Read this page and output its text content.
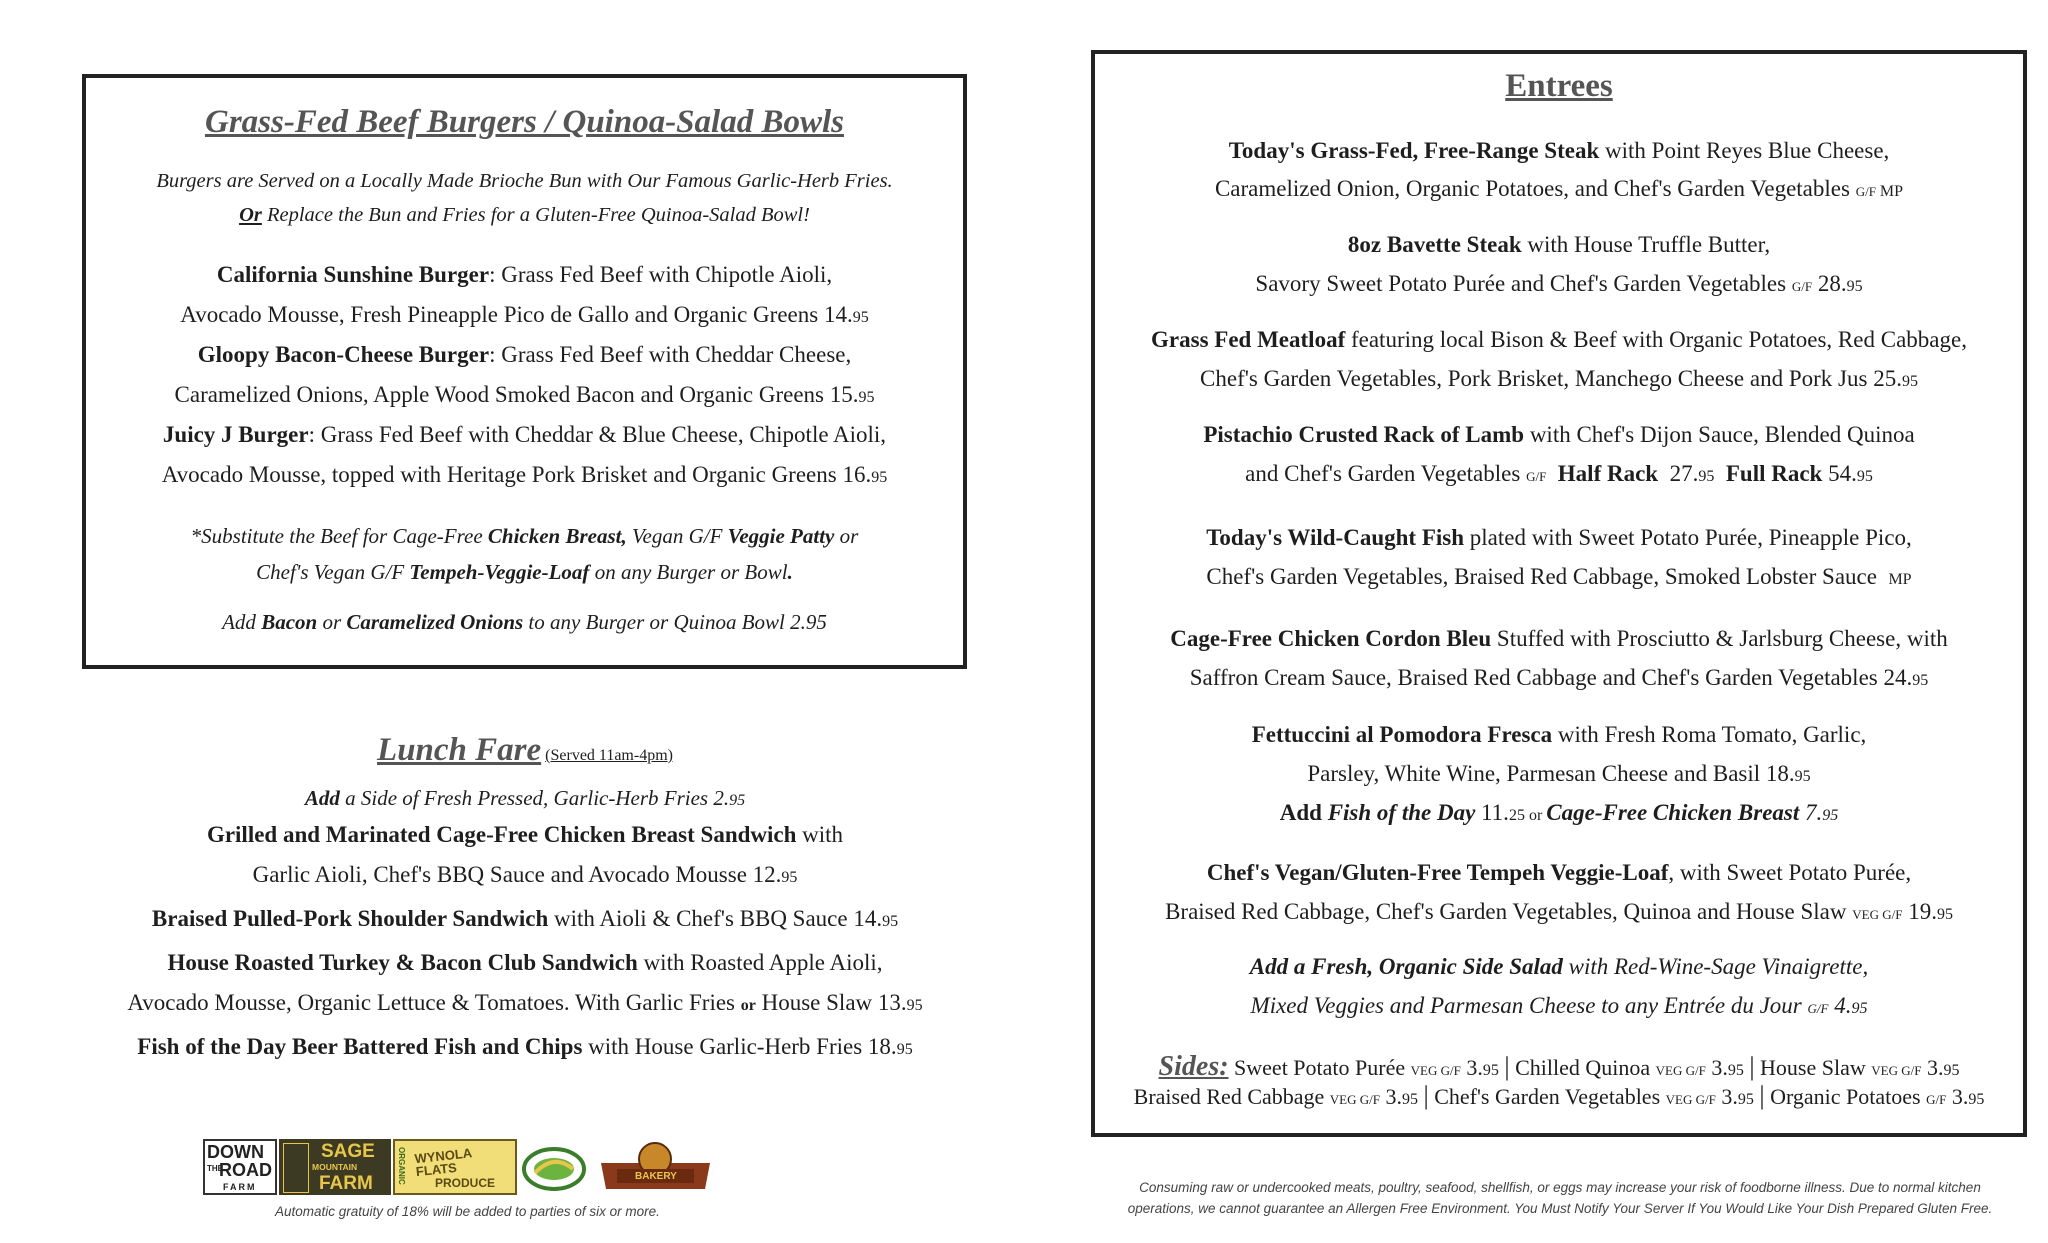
Grass-Fed Beef Burgers / Quinoa-Salad Bowls
Burgers are Served on a Locally Made Brioche Bun with Our Famous Garlic-Herb Fries.
Or Replace the Bun and Fries for a Gluten-Free Quinoa-Salad Bowl!
California Sunshine Burger: Grass Fed Beef with Chipotle Aioli,
Avocado Mousse, Fresh Pineapple Pico de Gallo and Organic Greens 14.95
Gloopy Bacon-Cheese Burger: Grass Fed Beef with Cheddar Cheese,
Caramelized Onions, Apple Wood Smoked Bacon and Organic Greens 15.95
Juicy J Burger: Grass Fed Beef with Cheddar & Blue Cheese, Chipotle Aioli,
Avocado Mousse, topped with Heritage Pork Brisket and Organic Greens 16.95
*Substitute the Beef for Cage-Free Chicken Breast, Vegan G/F Veggie Patty or
Chef's Vegan G/F Tempeh-Veggie-Loaf on any Burger or Bowl.
Add Bacon or Caramelized Onions to any Burger or Quinoa Bowl 2.95
Lunch Fare (Served 11am-4pm)
Add a Side of Fresh Pressed, Garlic-Herb Fries 2.95
Grilled and Marinated Cage-Free Chicken Breast Sandwich with
Garlic Aioli, Chef's BBQ Sauce and Avocado Mousse 12.95
Braised Pulled-Pork Shoulder Sandwich with Aioli & Chef's BBQ Sauce 14.95
House Roasted Turkey & Bacon Club Sandwich with Roasted Apple Aioli,
Avocado Mousse, Organic Lettuce & Tomatoes. With Garlic Fries or House Slaw 13.95
Fish of the Day Beer Battered Fish and Chips with House Garlic-Herb Fries 18.95
DOWN
THE
ROAD
FARM
SAGE
MOUNTAIN
FARM	ORGANIC WYNOLA FLATS
PRODUCE	BAKERY
Automatic gratuity of 18% will be added to parties of six or more.
Entrees
Today's Grass-Fed, Free-Range Steak with Point Reyes Blue Cheese,
Caramelized Onion, Organic Potatoes, and Chef's Garden Vegetables G/F MP
8oz Bavette Steak with House Truffle Butter,
Savory Sweet Potato Purée and Chef's Garden Vegetables G/F 28.95
Grass Fed Meatloaf featuring local Bison & Beef with Organic Potatoes, Red Cabbage,
Chef's Garden Vegetables, Pork Brisket, Manchego Cheese and Pork Jus 25.95
Pistachio Crusted Rack of Lamb with Chef's Dijon Sauce, Blended Quinoa
and Chef's Garden Vegetables G/F  Half Rack  27.95  Full Rack 54.95
Today's Wild-Caught Fish plated with Sweet Potato Purée, Pineapple Pico,
Chef's Garden Vegetables, Braised Red Cabbage, Smoked Lobster Sauce  MP
Cage-Free Chicken Cordon Bleu Stuffed with Prosciutto & Jarlsburg Cheese, with
Saffron Cream Sauce, Braised Red Cabbage and Chef's Garden Vegetables 24.95
Fettuccini al Pomodora Fresca with Fresh Roma Tomato, Garlic,
Parsley, White Wine, Parmesan Cheese and Basil 18.95
Add Fish of the Day 11.25 or Cage-Free Chicken Breast 7.95
Chef's Vegan/Gluten-Free Tempeh Veggie-Loaf, with Sweet Potato Purée,
Braised Red Cabbage, Chef's Garden Vegetables, Quinoa and House Slaw VEG G/F 19.95
Add a Fresh, Organic Side Salad with Red-Wine-Sage Vinaigrette,
Mixed Veggies and Parmesan Cheese to any Entrée du Jour G/F 4.95
Sides: Sweet Potato Purée VEG G/F 3.95 | Chilled Quinoa VEG G/F 3.95 | House Slaw VEG G/F 3.95
Braised Red Cabbage VEG G/F 3.95 | Chef's Garden Vegetables VEG G/F 3.95 | Organic Potatoes G/F 3.95
Consuming raw or undercooked meats, poultry, seafood, shellfish, or eggs may increase your risk of foodborne illness. Due to normal kitchen
operations, we cannot guarantee an Allergen Free Environment. You Must Notify Your Server If You Would Like Your Dish Prepared Gluten Free.
